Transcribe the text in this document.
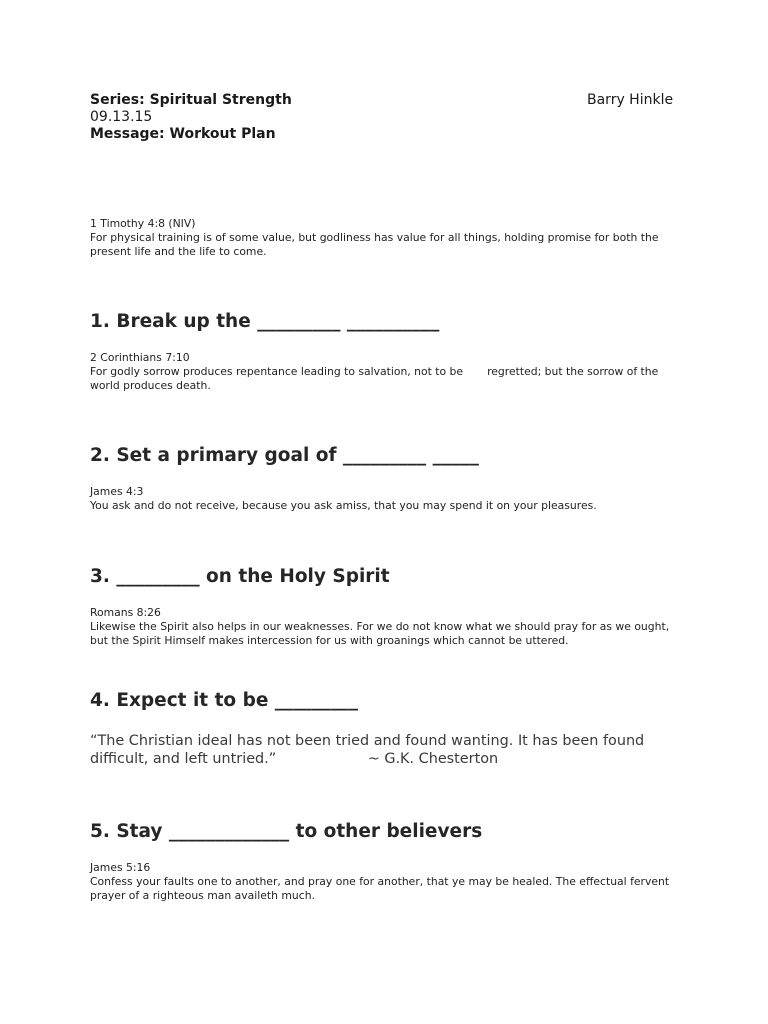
Series: Spiritual Strength	Barry Hinkle
09.13.15
Message: Workout Plan
1 Timothy 4:8 (NIV)
For physical training is of some value, but godliness has value for all things, holding promise for both the present life and the life to come.
1. Break up the _________ __________
2 Corinthians 7:10
For godly sorrow produces repentance leading to salvation, not to be       regretted; but the sorrow of the world produces death.
2. Set a primary goal of _________ _____
James 4:3
You ask and do not receive, because you ask amiss, that you may spend it on your pleasures.
3. _________ on the Holy Spirit
Romans 8:26
Likewise the Spirit also helps in our weaknesses. For we do not know what we should pray for as we ought, but the Spirit Himself makes intercession for us with groanings which cannot be uttered.
4. Expect it to be _________
“The Christian ideal has not been tried and found wanting. It has been found
difficult, and left untried.”                    ~ G.K. Chesterton
5. Stay _____________ to other believers
James 5:16
Confess your faults one to another, and pray one for another, that ye may be healed. The effectual fervent prayer of a righteous man availeth much.
